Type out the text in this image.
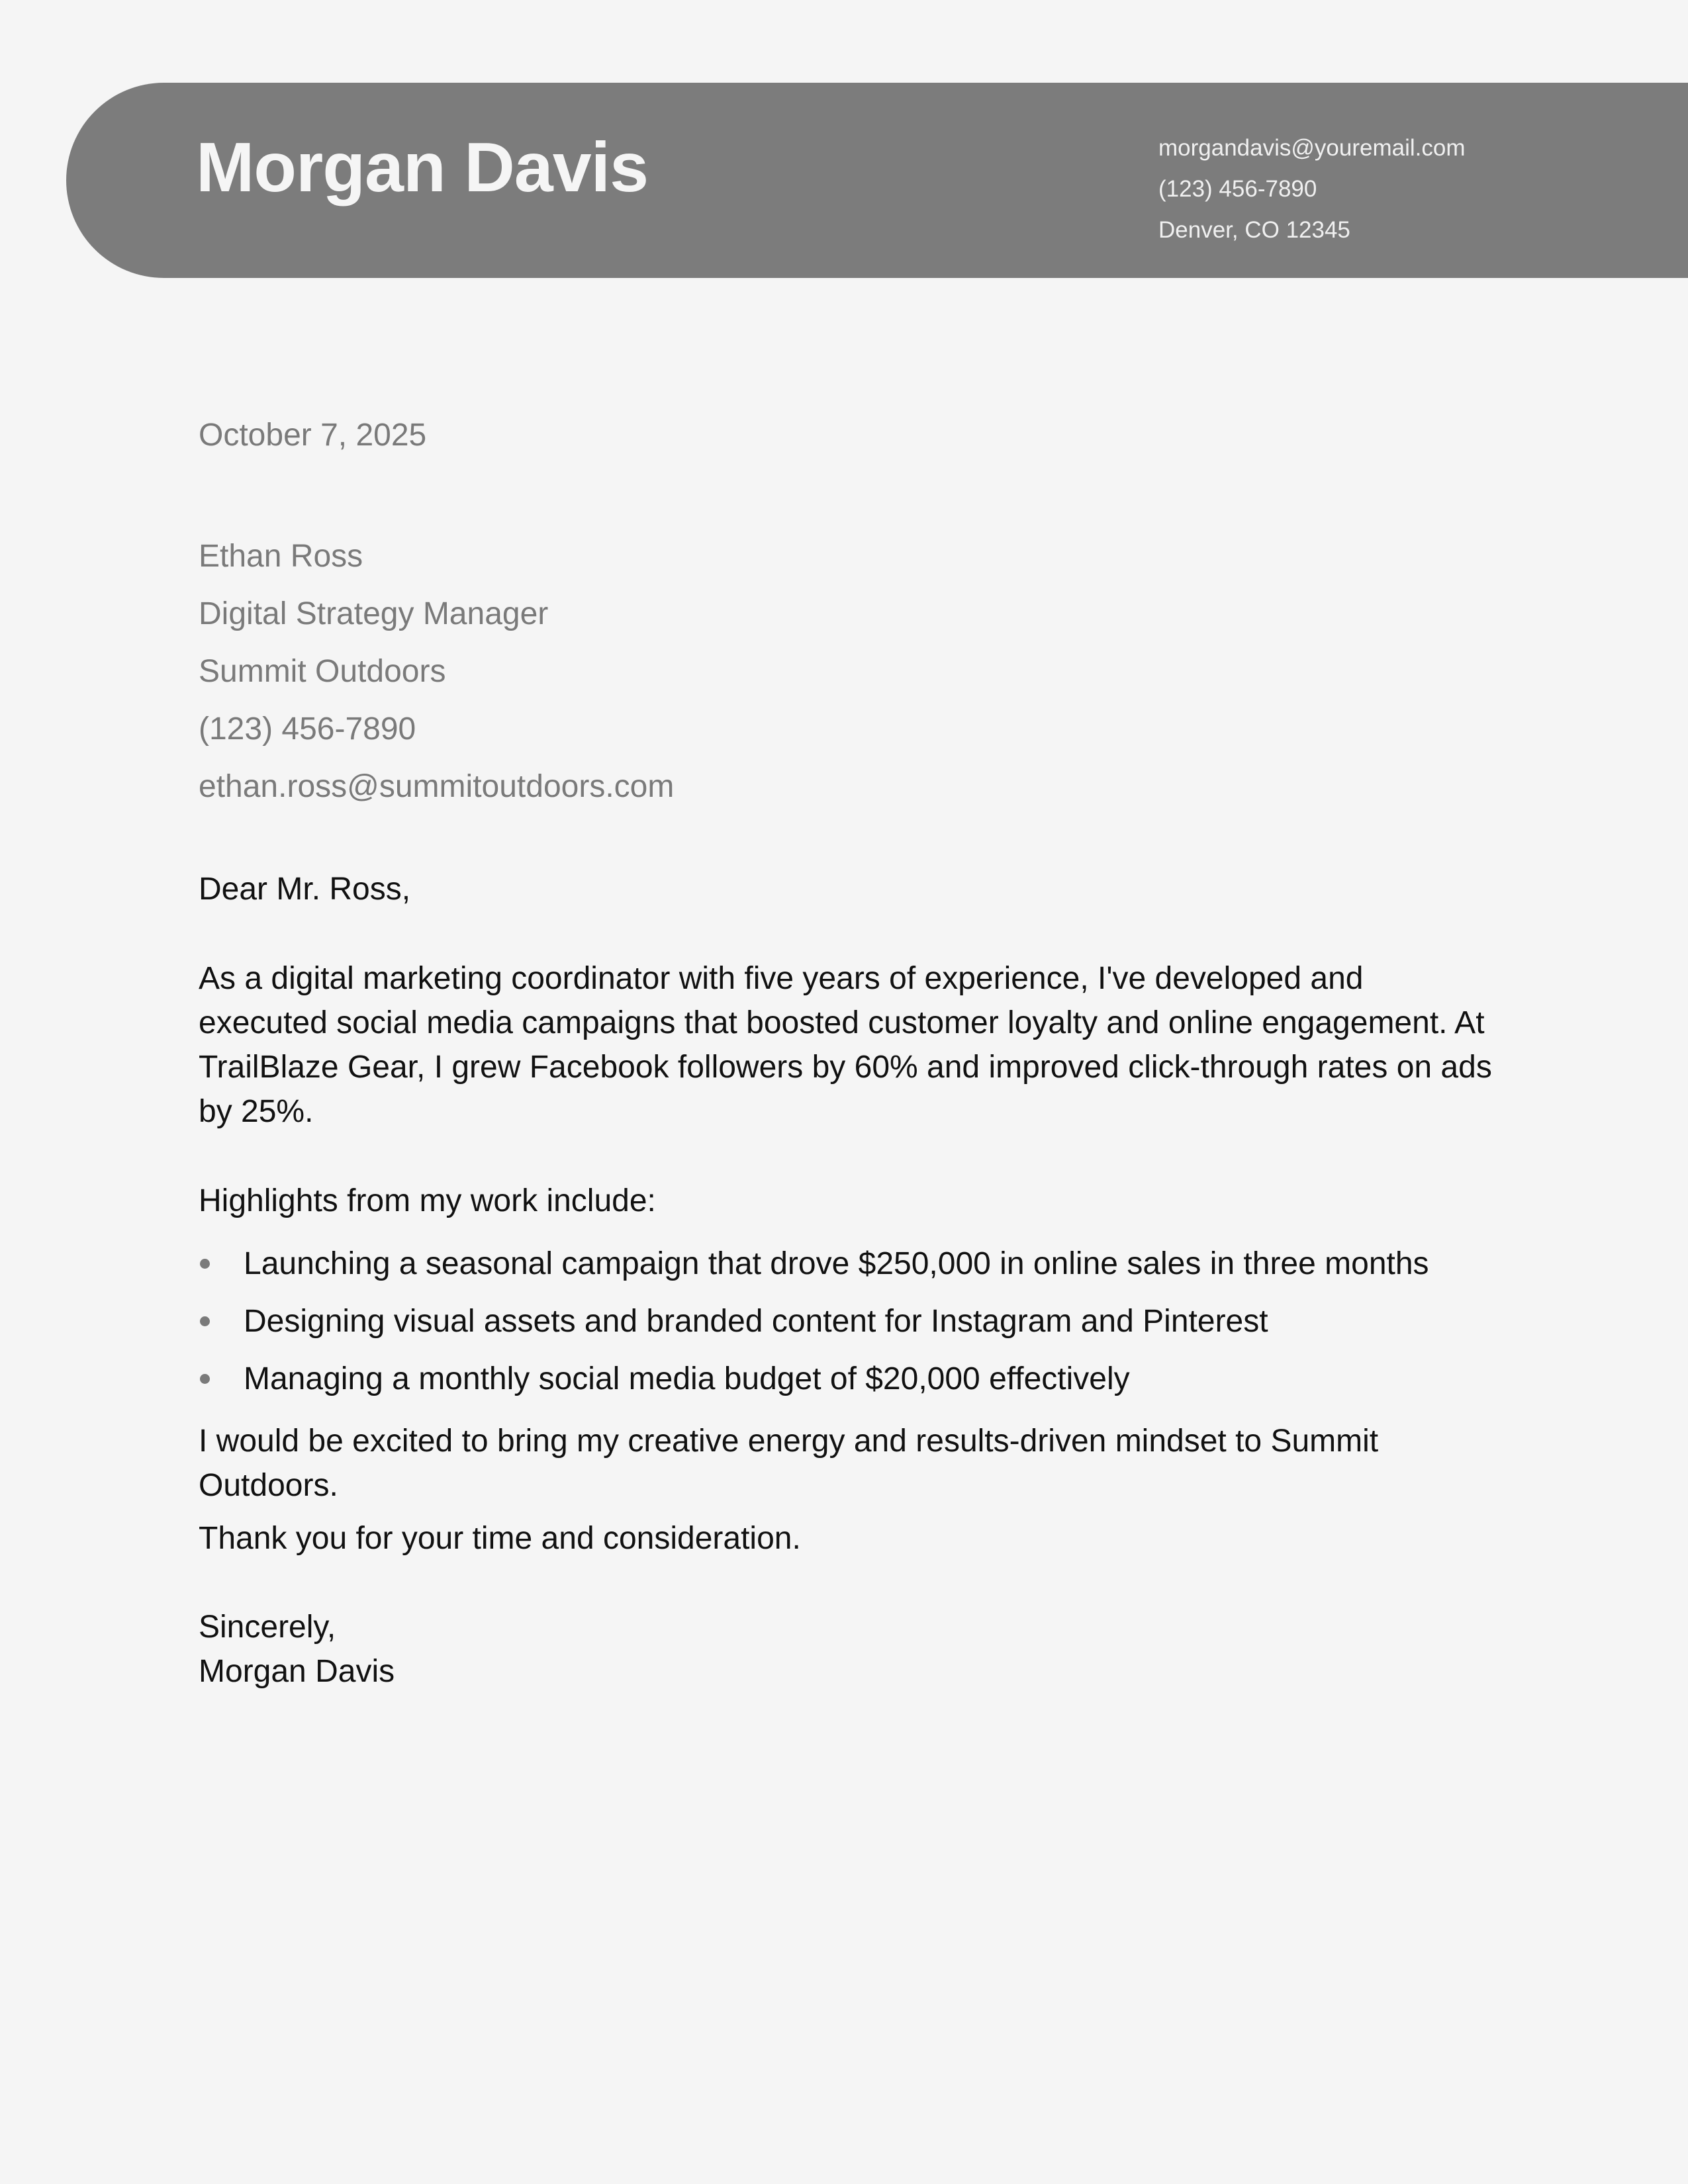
Morgan Davis	morgandavis@youremail.com
(123) 456-7890
Denver, CO 12345
October 7, 2025
Ethan Ross
Digital Strategy Manager
Summit Outdoors
(123) 456-7890
ethan.ross@summitoutdoors.com

Dear Mr. Ross,

As a digital marketing coordinator with five years of experience, I've developed and executed social media campaigns that boosted customer loyalty and online engagement. At TrailBlaze Gear, I grew Facebook followers by 60% and improved click-through rates on ads by 25%.

Highlights from my work include:

Launching a seasonal campaign that drove $250,000 in online sales in three months
Designing visual assets and branded content for Instagram and Pinterest
Managing a monthly social media budget of $20,000 effectively

I would be excited to bring my creative energy and results-driven mindset to Summit Outdoors.

Thank you for your time and consideration.

Sincerely,
Morgan Davis
